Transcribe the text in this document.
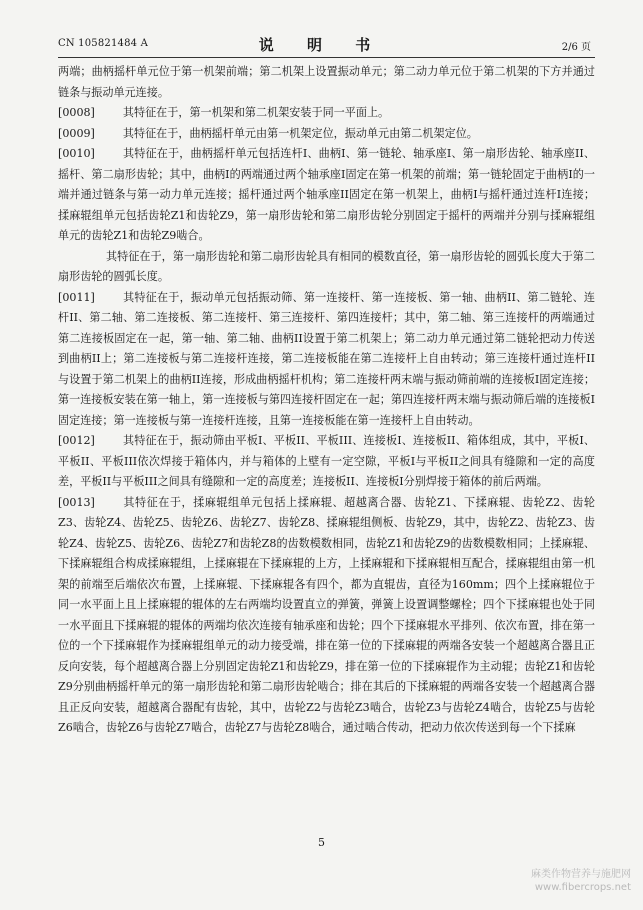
CN 105821484 A	说 明 书	2/6 页

两端；曲柄摇杆单元位于第一机架前端；第二机架上设置振动单元；第二动力单元位于第二机架的下方并通过链条与振动单元连接。

[0008]	其特征在于，第一机架和第二机架安装于同一平面上。

[0009]	其特征在于，曲柄摇杆单元由第一机架定位，振动单元由第二机架定位。

[0010]	其特征在于，曲柄摇杆单元包括连杆I、曲柄I、第一链轮、轴承座I、第一扇形齿轮、轴承座II、摇杆、第二扇形齿轮；其中，曲柄I的两端通过两个轴承座I固定在第一机架的前端；第一链轮固定于曲柄I的一端并通过链条与第一动力单元连接；摇杆通过两个轴承座II固定在第一机架上，曲柄I与摇杆通过连杆I连接；揉麻辊组单元包括齿轮Z1和齿轮Z9，第一扇形齿轮和第二扇形齿轮分别固定于摇杆的两端并分别与揉麻辊组单元的齿轮Z1和齿轮Z9啮合。

其特征在于，第一扇形齿轮和第二扇形齿轮具有相同的模数直径，第一扇形齿轮的圆弧长度大于第二扇形齿轮的圆弧长度。

[0011]	其特征在于，振动单元包括振动筛、第一连接杆、第一连接板、第一轴、曲柄II、第二链轮、连杆II、第二轴、第二连接板、第二连接杆、第三连接杆、第四连接杆；其中，第二轴、第三连接杆的两端通过第二连接板固定在一起，第一轴、第二轴、曲柄II设置于第二机架上；第二动力单元通过第二链轮把动力传送到曲柄II上；第二连接板与第二连接杆连接，第二连接板能在第二连接杆上自由转动；第三连接杆通过连杆II与设置于第二机架上的曲柄II连接，形成曲柄摇杆机构；第二连接杆两末端与振动筛前端的连接板I固定连接；第一连接板安装在第一轴上，第一连接板与第四连接杆固定在一起；第四连接杆两末端与振动筛后端的连接板I固定连接；第一连接板与第一连接杆连接，且第一连接板能在第一连接杆上自由转动。

[0012]	其特征在于，振动筛由平板I、平板II、平板III、连接板I、连接板II、箱体组成，其中，平板I、平板II、平板III依次焊接于箱体内，并与箱体的上壁有一定空隙，平板I与平板II之间具有缝隙和一定的高度差，平板II与平板III之间具有缝隙和一定的高度差；连接板II、连接板I分别焊接于箱体的前后两端。

[0013]	其特征在于，揉麻辊组单元包括上揉麻辊、超越离合器、齿轮Z1、下揉麻辊、齿轮Z2、齿轮Z3、齿轮Z4、齿轮Z5、齿轮Z6、齿轮Z7、齿轮Z8、揉麻辊组侧板、齿轮Z9，其中，齿轮Z2、齿轮Z3、齿轮Z4、齿轮Z5、齿轮Z6、齿轮Z7和齿轮Z8的齿数模数相同，齿轮Z1和齿轮Z9的齿数模数相同；上揉麻辊、下揉麻辊组合构成揉麻辊组，上揉麻辊在下揉麻辊的上方，上揉麻辊和下揉麻辊相互配合，揉麻辊组由第一机架的前端至后端依次布置，上揉麻辊、下揉麻辊各有四个，都为直辊齿，直径为160mm；四个上揉麻辊位于同一水平面上且上揉麻辊的辊体的左右两端均设置直立的弹簧，弹簧上设置调整螺栓；四个下揉麻辊也处于同一水平面且下揉麻辊的辊体的两端均依次连接有轴承座和齿轮；四个下揉麻辊水平排列、依次布置，排在第一位的一个下揉麻辊作为揉麻辊组单元的动力接受端，排在第一位的下揉麻辊的两端各安装一个超越离合器且正反向安装，每个超越离合器上分别固定齿轮Z1和齿轮Z9，排在第一位的下揉麻辊作为主动辊；齿轮Z1和齿轮Z9分别曲柄摇杆单元的第一扇形齿轮和第二扇形齿轮啮合；排在其后的下揉麻辊的两端各安装一个超越离合器且正反向安装，超越离合器配有齿轮，其中，齿轮Z2与齿轮Z3啮合，齿轮Z3与齿轮Z4啮合，齿轮Z5与齿轮Z6啮合，齿轮Z6与齿轮Z7啮合，齿轮Z7与齿轮Z8啮合，通过啮合传动，把动力依次传送到每一个下揉麻

5
麻类作物营养与施肥网
www.fibercrops.net
